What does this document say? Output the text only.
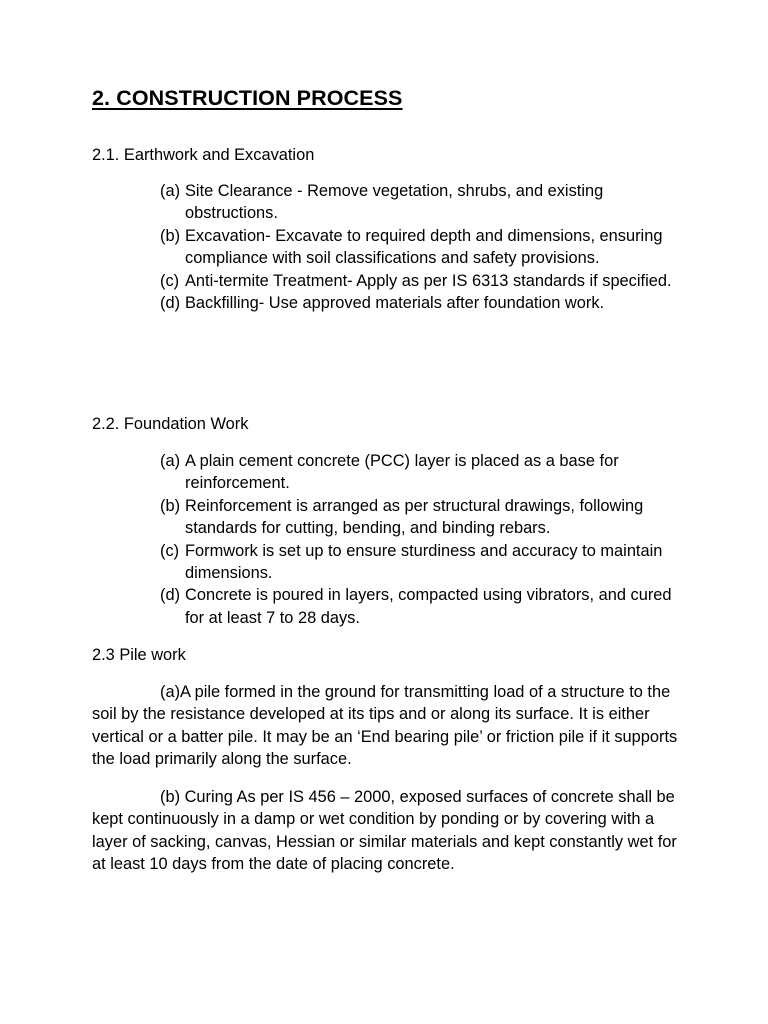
2. CONSTRUCTION PROCESS
2.1. Earthwork and Excavation
(a) Site Clearance - Remove vegetation, shrubs, and existing obstructions.
(b) Excavation- Excavate to required depth and dimensions, ensuring compliance with soil classifications and safety provisions.
(c) Anti-termite Treatment- Apply as per IS 6313 standards if specified.
(d) Backfilling- Use approved materials after foundation work.
2.2. Foundation Work
(a) A plain cement concrete (PCC) layer is placed as a base for reinforcement.
(b) Reinforcement is arranged as per structural drawings, following standards for cutting, bending, and binding rebars.
(c) Formwork is set up to ensure sturdiness and accuracy to maintain dimensions.
(d) Concrete is poured in layers, compacted using vibrators, and cured for at least 7 to 28 days.
2.3 Pile work

(a)A pile formed in the ground for transmitting load of a structure to the soil by the resistance developed at its tips and or along its surface. It is either vertical or a batter pile. It may be an ‘End bearing pile’ or friction pile if it supports the load primarily along the surface.

(b) Curing As per IS 456 – 2000, exposed surfaces of concrete shall be kept continuously in a damp or wet condition by ponding or by covering with a layer of sacking, canvas, Hessian or similar materials and kept constantly wet for at least 10 days from the date of placing concrete.
